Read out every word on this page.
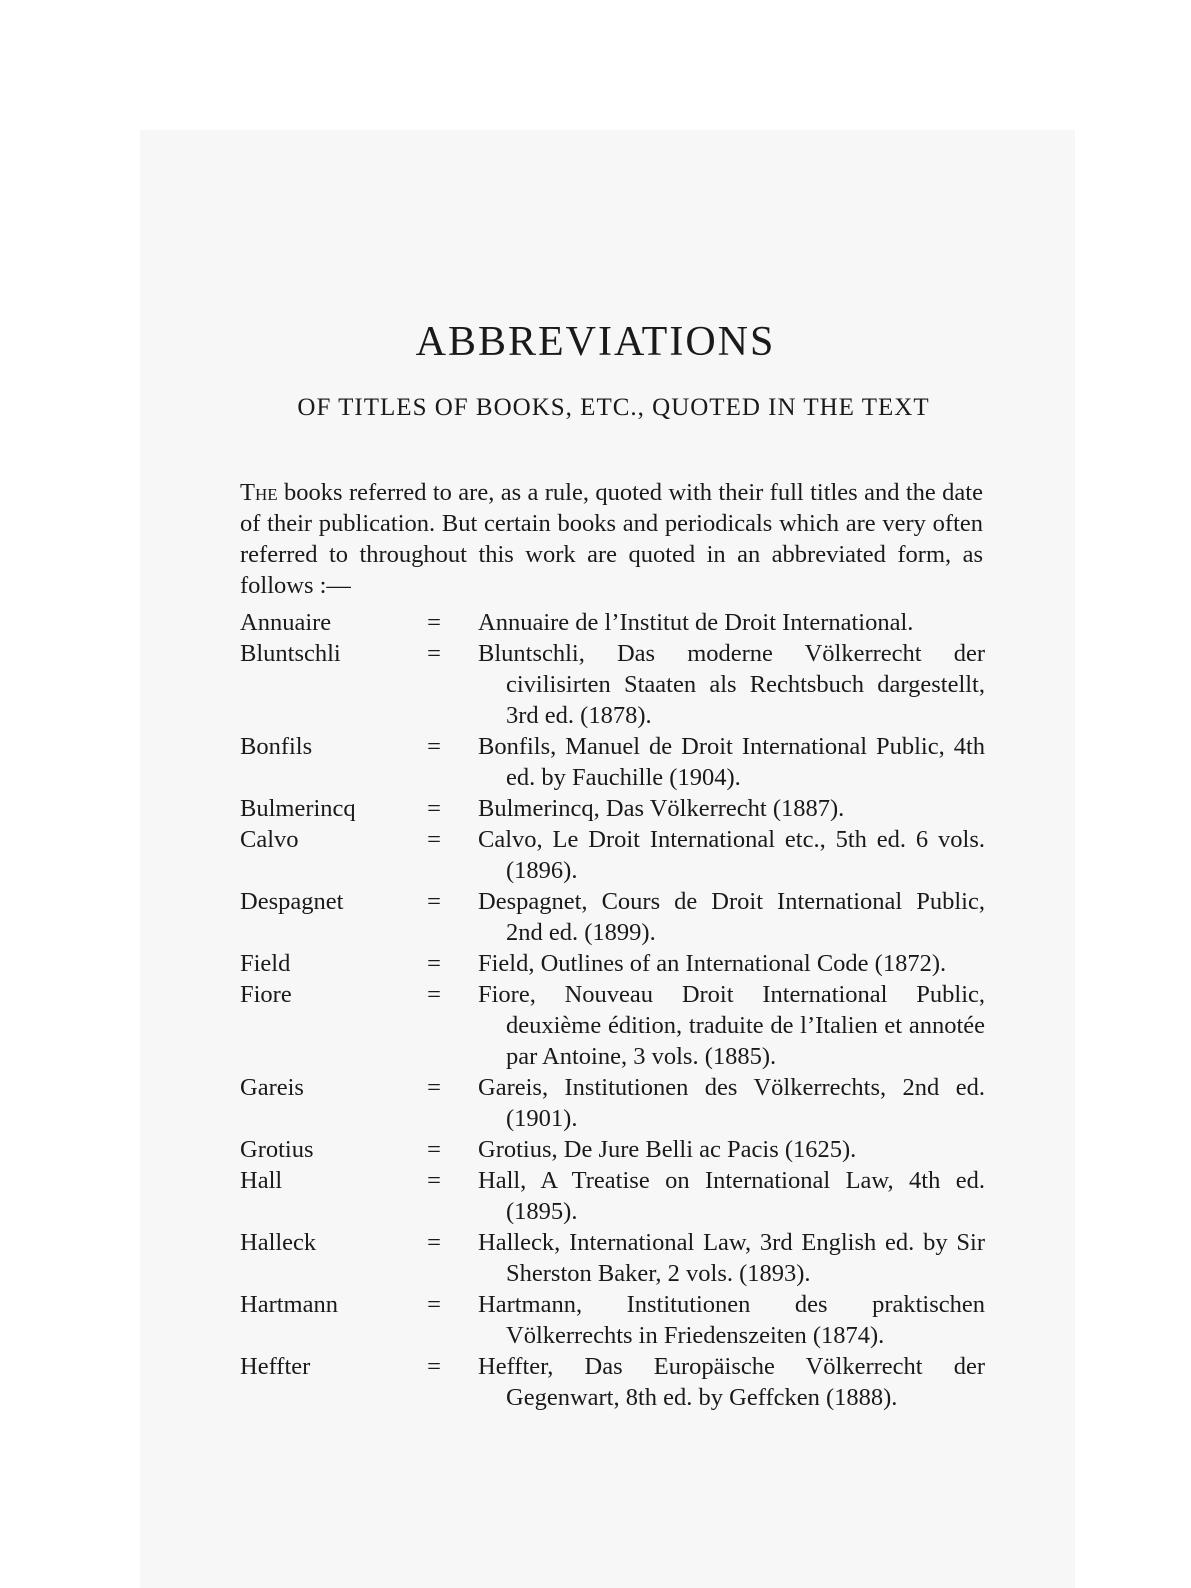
ABBREVIATIONS
OF TITLES OF BOOKS, ETC., QUOTED IN THE TEXT

The books referred to are, as a rule, quoted with their full titles and the date of their publication. But certain books and periodicals which are very often referred to throughout this work are quoted in an abbreviated form, as follows :—

Annuaire	=	Annuaire de l’Institut de Droit International.
Bluntschli	=	Bluntschli, Das moderne Völkerrecht der civilisirten Staaten als Rechtsbuch dargestellt, 3rd ed. (1878).
Bonfils	=	Bonfils, Manuel de Droit International Public, 4th ed. by Fauchille (1904).
Bulmerincq	=	Bulmerincq, Das Völkerrecht (1887).
Calvo	=	Calvo, Le Droit International etc., 5th ed. 6 vols. (1896).
Despagnet	=	Despagnet, Cours de Droit International Public, 2nd ed. (1899).
Field	=	Field, Outlines of an International Code (1872).
Fiore	=	Fiore, Nouveau Droit International Public, deuxième édition, traduite de l’Italien et annotée par Antoine, 3 vols. (1885).
Gareis	=	Gareis, Institutionen des Völkerrechts, 2nd ed. (1901).
Grotius	=	Grotius, De Jure Belli ac Pacis (1625).
Hall	=	Hall, A Treatise on International Law, 4th ed. (1895).
Halleck	=	Halleck, International Law, 3rd English ed. by Sir Sherston Baker, 2 vols. (1893).
Hartmann	=	Hartmann, Institutionen des praktischen Völkerrechts in Friedenszeiten (1874).
Heffter	=	Heffter, Das Europäische Völkerrecht der Gegenwart, 8th ed. by Geffcken (1888).
